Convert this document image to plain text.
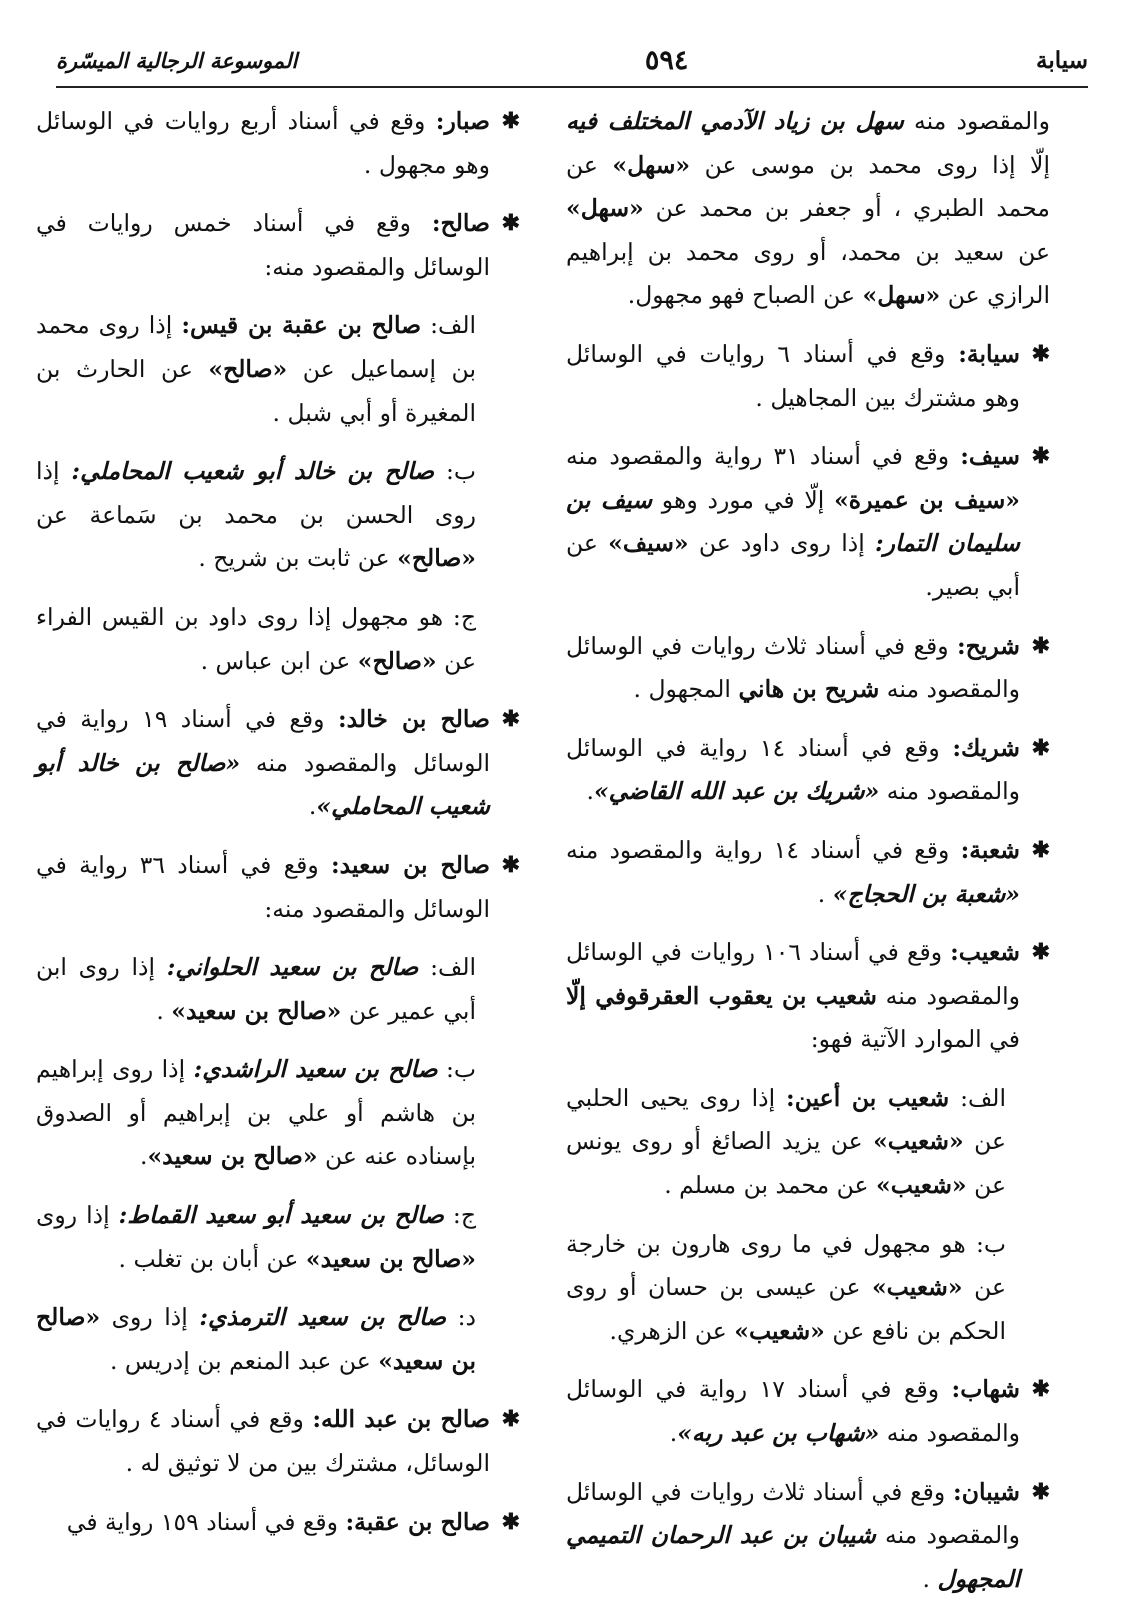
سيابة
٥٩٤
الموسوعة الرجالية الميسّرة
والمقصود منه سهل بن زياد الآدمي المختلف فيه إلّا إذا روى محمد بن موسى عن «سهل» عن محمد الطبري ، أو جعفر بن محمد عن «سهل» عن سعيد بن محمد، أو روى محمد بن إبراهيم الرازي عن «سهل» عن الصباح فهو مجهول.
✱
سيابة: وقع في أسناد ٦ روايات في الوسائل وهو مشترك بين المجاهيل .
✱
سيف: وقع في أسناد ٣١ رواية والمقصود منه «سيف بن عميرة» إلّا في مورد وهو سيف بن سليمان التمار: إذا روى داود عن «سيف» عن أبي بصير.
✱
شريح: وقع في أسناد ثلاث روايات في الوسائل والمقصود منه شريح بن هاني المجهول .
✱
شريك: وقع في أسناد ١٤ رواية في الوسائل والمقصود منه «شريك بن عبد الله القاضي».
✱
شعبة: وقع في أسناد ١٤ رواية والمقصود منه «شعبة بن الحجاج» .
✱
شعيب: وقع في أسناد ١٠٦ روايات في الوسائل والمقصود منه شعيب بن يعقوب العقرقوفي إلّا في الموارد الآتية فهو:
الف: شعيب بن أعين: إذا روى يحيى الحلبي عن «شعيب» عن يزيد الصائغ أو روى يونس عن «شعيب» عن محمد بن مسلم .
ب: هو مجهول في ما روى هارون بن خارجة عن «شعيب» عن عيسى بن حسان أو روى الحكم بن نافع عن «شعيب» عن الزهري.
✱
شهاب: وقع في أسناد ١٧ رواية في الوسائل والمقصود منه «شهاب بن عبد ربه».
✱
شيبان: وقع في أسناد ثلاث روايات في الوسائل والمقصود منه شيبان بن عبد الرحمان التميمي المجهول .
✱
صبار: وقع في أسناد أربع روايات في الوسائل وهو مجهول .
✱
صالح: وقع في أسناد خمس روايات في الوسائل والمقصود منه:
الف: صالح بن عقبة بن قيس: إذا روى محمد بن إسماعيل عن «صالح» عن الحارث بن المغيرة أو أبي شبل .
ب: صالح بن خالد أبو شعيب المحاملي: إذا روى الحسن بن محمد بن سَماعة عن «صالح» عن ثابت بن شريح .
ج: هو مجهول إذا روى داود بن القيس الفراء عن «صالح» عن ابن عباس .
✱
صالح بن خالد: وقع في أسناد ١٩ رواية في الوسائل والمقصود منه «صالح بن خالد أبو شعيب المحاملي».
✱
صالح بن سعيد: وقع في أسناد ٣٦ رواية في الوسائل والمقصود منه:
الف: صالح بن سعيد الحلواني: إذا روى ابن أبي عمير عن «صالح بن سعيد» .
ب: صالح بن سعيد الراشدي: إذا روى إبراهيم بن هاشم أو علي بن إبراهيم أو الصدوق بإسناده عنه عن «صالح بن سعيد».
ج: صالح بن سعيد أبو سعيد القماط: إذا روى «صالح بن سعيد» عن أبان بن تغلب .
د: صالح بن سعيد الترمذي: إذا روى «صالح بن سعيد» عن عبد المنعم بن إدريس .
✱
صالح بن عبد الله: وقع في أسناد ٤ روايات في الوسائل، مشترك بين من لا توثيق له .
✱
صالح بن عقبة: وقع في أسناد ١٥٩ رواية في
